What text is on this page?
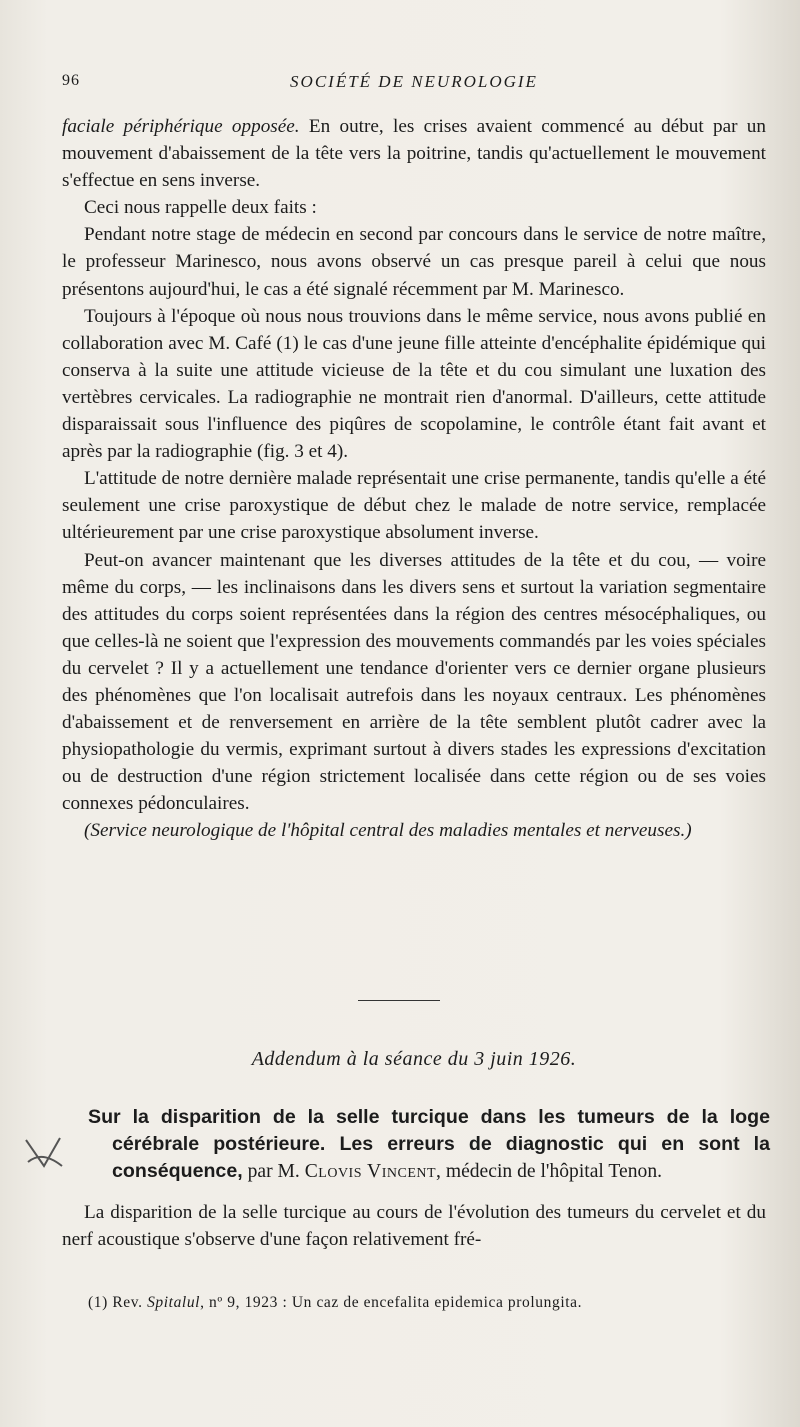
96	SOCIÉTÉ DE NEUROLOGIE

faciale périphérique opposée. En outre, les crises avaient commencé au début par un mouvement d'abaissement de la tête vers la poitrine, tandis qu'actuellement le mouvement s'effectue en sens inverse.

Ceci nous rappelle deux faits :

Pendant notre stage de médecin en second par concours dans le service de notre maître, le professeur Marinesco, nous avons observé un cas presque pareil à celui que nous présentons aujourd'hui, le cas a été signalé récemment par M. Marinesco.

Toujours à l'époque où nous nous trouvions dans le même service, nous avons publié en collaboration avec M. Café (1) le cas d'une jeune fille atteinte d'encéphalite épidémique qui conserva à la suite une attitude vicieuse de la tête et du cou simulant une luxation des vertèbres cervicales. La radiographie ne montrait rien d'anormal. D'ailleurs, cette attitude disparaissait sous l'influence des piqûres de scopolamine, le contrôle étant fait avant et après par la radiographie (fig. 3 et 4).

L'attitude de notre dernière malade représentait une crise permanente, tandis qu'elle a été seulement une crise paroxystique de début chez le malade de notre service, remplacée ultérieurement par une crise paroxystique absolument inverse.

Peut-on avancer maintenant que les diverses attitudes de la tête et du cou, — voire même du corps, — les inclinaisons dans les divers sens et surtout la variation segmentaire des attitudes du corps soient représentées dans la région des centres mésocéphaliques, ou que celles-là ne soient que l'expression des mouvements commandés par les voies spéciales du cervelet ? Il y a actuellement une tendance d'orienter vers ce dernier organe plusieurs des phénomènes que l'on localisait autrefois dans les noyaux centraux. Les phénomènes d'abaissement et de renversement en arrière de la tête semblent plutôt cadrer avec la physiopathologie du vermis, exprimant surtout à divers stades les expressions d'excitation ou de destruction d'une région strictement localisée dans cette région ou de ses voies connexes pédonculaires.

(Service neurologique de l'hôpital central des maladies mentales et nerveuses.)

Addendum à la séance du 3 juin 1926.
Sur la disparition de la selle turcique dans les tumeurs de la loge cérébrale postérieure. Les erreurs de diagnostic qui en sont la conséquence, par M. Clovis Vincent, médecin de l'hôpital Tenon.

La disparition de la selle turcique au cours de l'évolution des tumeurs du cervelet et du nerf acoustique s'observe d'une façon relativement fré-

(1) Rev. Spitalul, nº 9, 1923 : Un caz de encefalita epidemica prolungita.
